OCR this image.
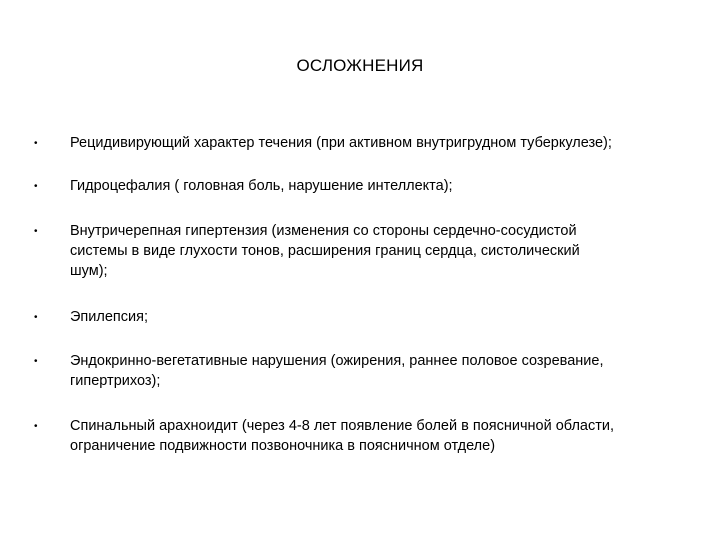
ОСЛОЖНЕНИЯ
• Рецидивирующий характер течения (при активном внутригрудном туберкулезе);
• Гидроцефалия ( головная боль, нарушение интеллекта);
• Внутричерепная гипертензия (изменения со стороны сердечно-сосудистой
системы в виде глухости тонов, расширения границ сердца, систолический
шум);
• Эпилепсия;
• Эндокринно-вегетативные нарушения (ожирения, раннее половое созревание,
гипертрихоз);
• Спинальный арахноидит (через 4-8 лет появление болей в поясничной области,
ограничение подвижности позвоночника в поясничном отделе)
